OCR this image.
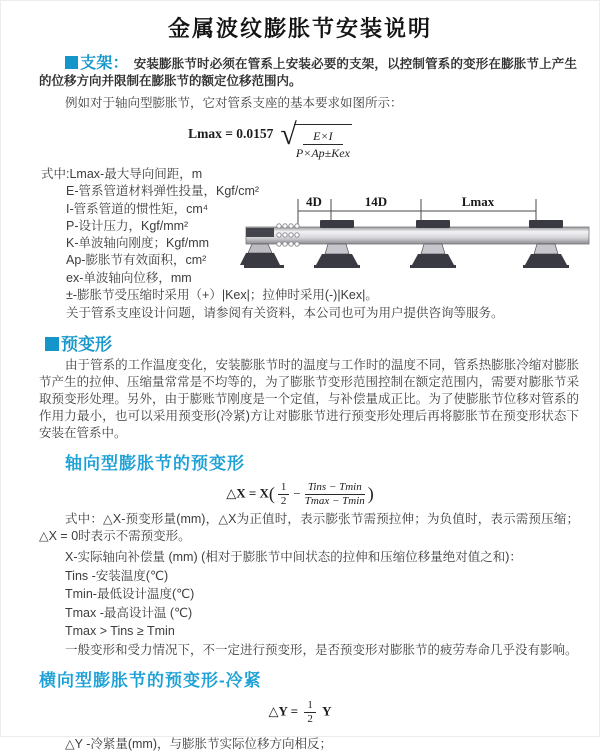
金属波纹膨胀节安装说明

支架： 安装膨胀节时必须在管系上安装必要的支架，以控制管系的变形在膨胀节上产生的位移方向并限制在膨胀节的额定位移范围内。

例如对于轴向型膨胀节，它对管系支座的基本要求如图所示：

$^{Lmax = 0.0157}$ √	E×I
P×Ap±Kex
式中:Lmax-最大导向间距，m
E-管系管道材料弹性投量，Kgf/cm²
I-管系管道的惯性矩，cm⁴
P-设计压力，Kgf/mm²
K-单波轴向刚度；Kgf/mm
Ap-膨胀节有效面积，cm²
ex-单波轴向位移，mm
±-膨胀节受压缩时采用（+）|Kex|；拉伸时采用(-)|Kex|。

关于管系支座设计问题，请参阅有关资料，本公司也可为用户提供咨询等服务。

4D	14D	Lmax
预变形

由于管系的工作温度变化，安装膨胀节时的温度与工作时的温度不同，管系热膨胀冷缩对膨胀节产生的拉伸、压缩量常常是不均等的，为了膨胀节变形范围控制在额定范围内，需要对膨胀节采取预变形处理。另外，由于膨账节刚度是一个定值，与补偿量成正比。为了使膨胀节位移对管系的作用力最小，也可以采用预变形(冷紧)方让对膨胀节进行预变形处理后再将膨胀节在预变形状态下安装在管系中。

轴向型膨胀节的预变形
△X = $X( \frac{1}{2} - \frac{\text{Tins − Tmin}}{Tmax - Tmin}$ )

式中：△X-预变形量(mm)，△X为正值时，表示膨张节需预拉伸；为负值时，表示需预压缩；△X = 0时表示不需预变形。

X-实际轴向补偿量 (mm) (相对于膨胀节中间状态的拉伸和压缩位移量绝对值之和)：
Tins -安装温度(℃)
Tmin-最低设计温度(℃)
Tmax -最高设计温 (℃)
Tmax > Tins ≥ Tmin
一般变形和受力情况下，不一定进行预变形，是否预变形对膨胀节的疲劳寿命几乎没有影响。
横向型膨胀节的预变形-冷紧
△Y = $\frac{1}{2}$ Y

△Y -冷紧量(mm)，与膨胀节实际位移方向相反；
